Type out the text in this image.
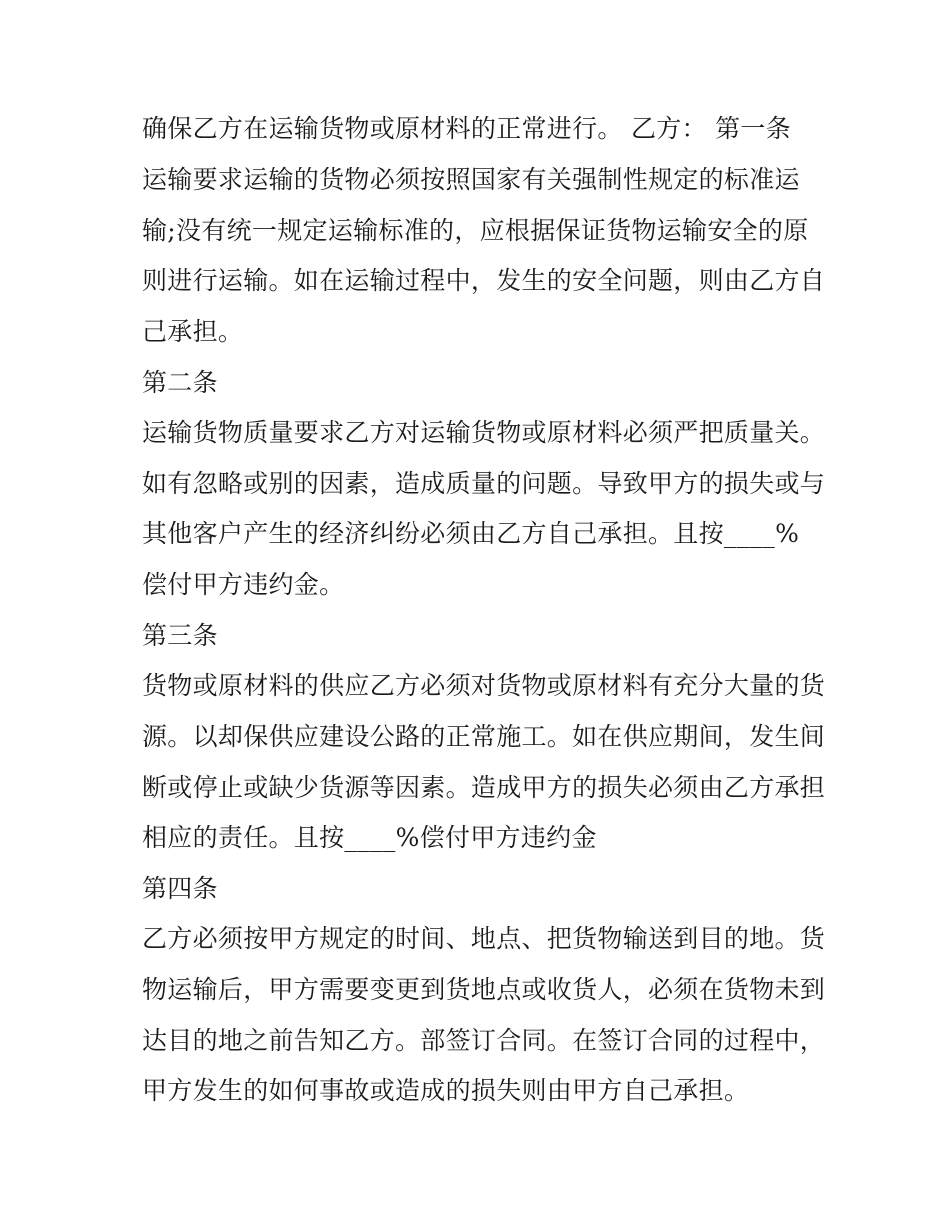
确保乙方在运输货物或原材料的正常进行。 乙方： 第一条
运输要求运输的货物必须按照国家有关强制性规定的标准运
输;没有统一规定运输标准的，应根据保证货物运输安全的原
则进行运输。如在运输过程中，发生的安全问题，则由乙方自
己承担。
第二条
运输货物质量要求乙方对运输货物或原材料必须严把质量关。
如有忽略或别的因素，造成质量的问题。导致甲方的损失或与
其他客户产生的经济纠纷必须由乙方自己承担。且按____%
偿付甲方违约金。
第三条
货物或原材料的供应乙方必须对货物或原材料有充分大量的货
源。以却保供应建设公路的正常施工。如在供应期间，发生间
断或停止或缺少货源等因素。造成甲方的损失必须由乙方承担
相应的责任。且按____%偿付甲方违约金
第四条
乙方必须按甲方规定的时间、地点、把货物输送到目的地。货
物运输后，甲方需要变更到货地点或收货人，必须在货物未到
达目的地之前告知乙方。部签订合同。在签订合同的过程中，
甲方发生的如何事故或造成的损失则由甲方自己承担。
